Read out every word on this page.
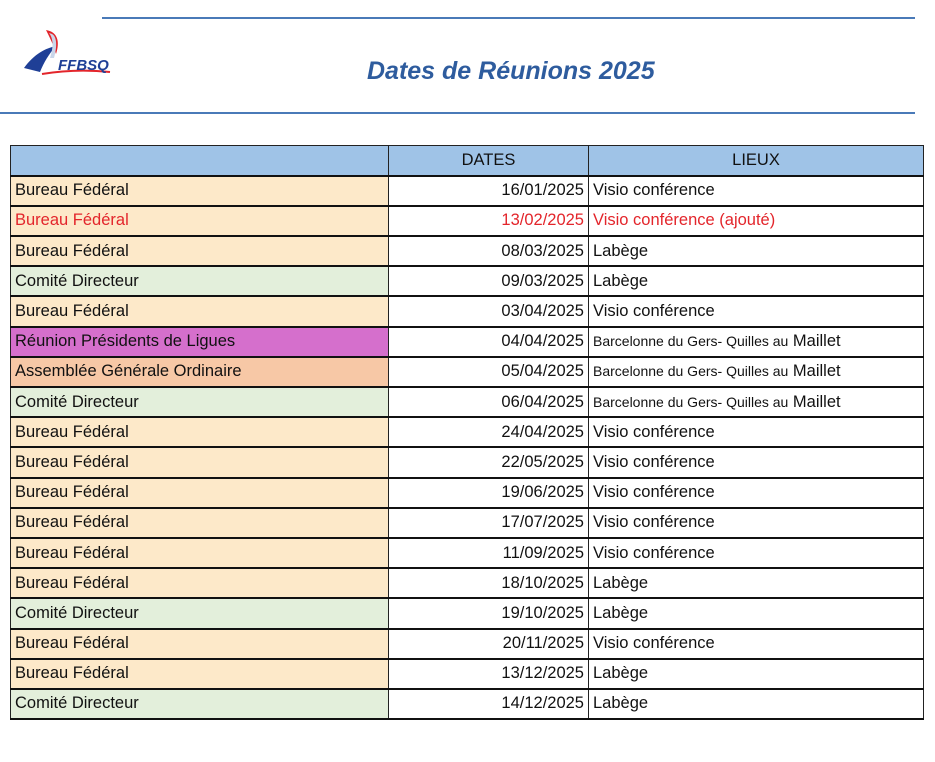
FFBSQ	Dates de Réunions 2025
	DATES	LIEUX
Bureau Fédéral	16/01/2025	Visio conférence
Bureau Fédéral	13/02/2025	Visio conférence (ajouté)
Bureau Fédéral	08/03/2025	Labège
Comité Directeur	09/03/2025	Labège
Bureau Fédéral	03/04/2025	Visio conférence
Réunion Présidents de Ligues	04/04/2025	Barcelonne du Gers- Quilles au Maillet
Assemblée Générale Ordinaire	05/04/2025	Barcelonne du Gers- Quilles au Maillet
Comité Directeur	06/04/2025	Barcelonne du Gers- Quilles au Maillet
Bureau Fédéral	24/04/2025	Visio conférence
Bureau Fédéral	22/05/2025	Visio conférence
Bureau Fédéral	19/06/2025	Visio conférence
Bureau Fédéral	17/07/2025	Visio conférence
Bureau Fédéral	11/09/2025	Visio conférence
Bureau Fédéral	18/10/2025	Labège
Comité Directeur	19/10/2025	Labège
Bureau Fédéral	20/11/2025	Visio conférence
Bureau Fédéral	13/12/2025	Labège
Comité Directeur	14/12/2025	Labège
